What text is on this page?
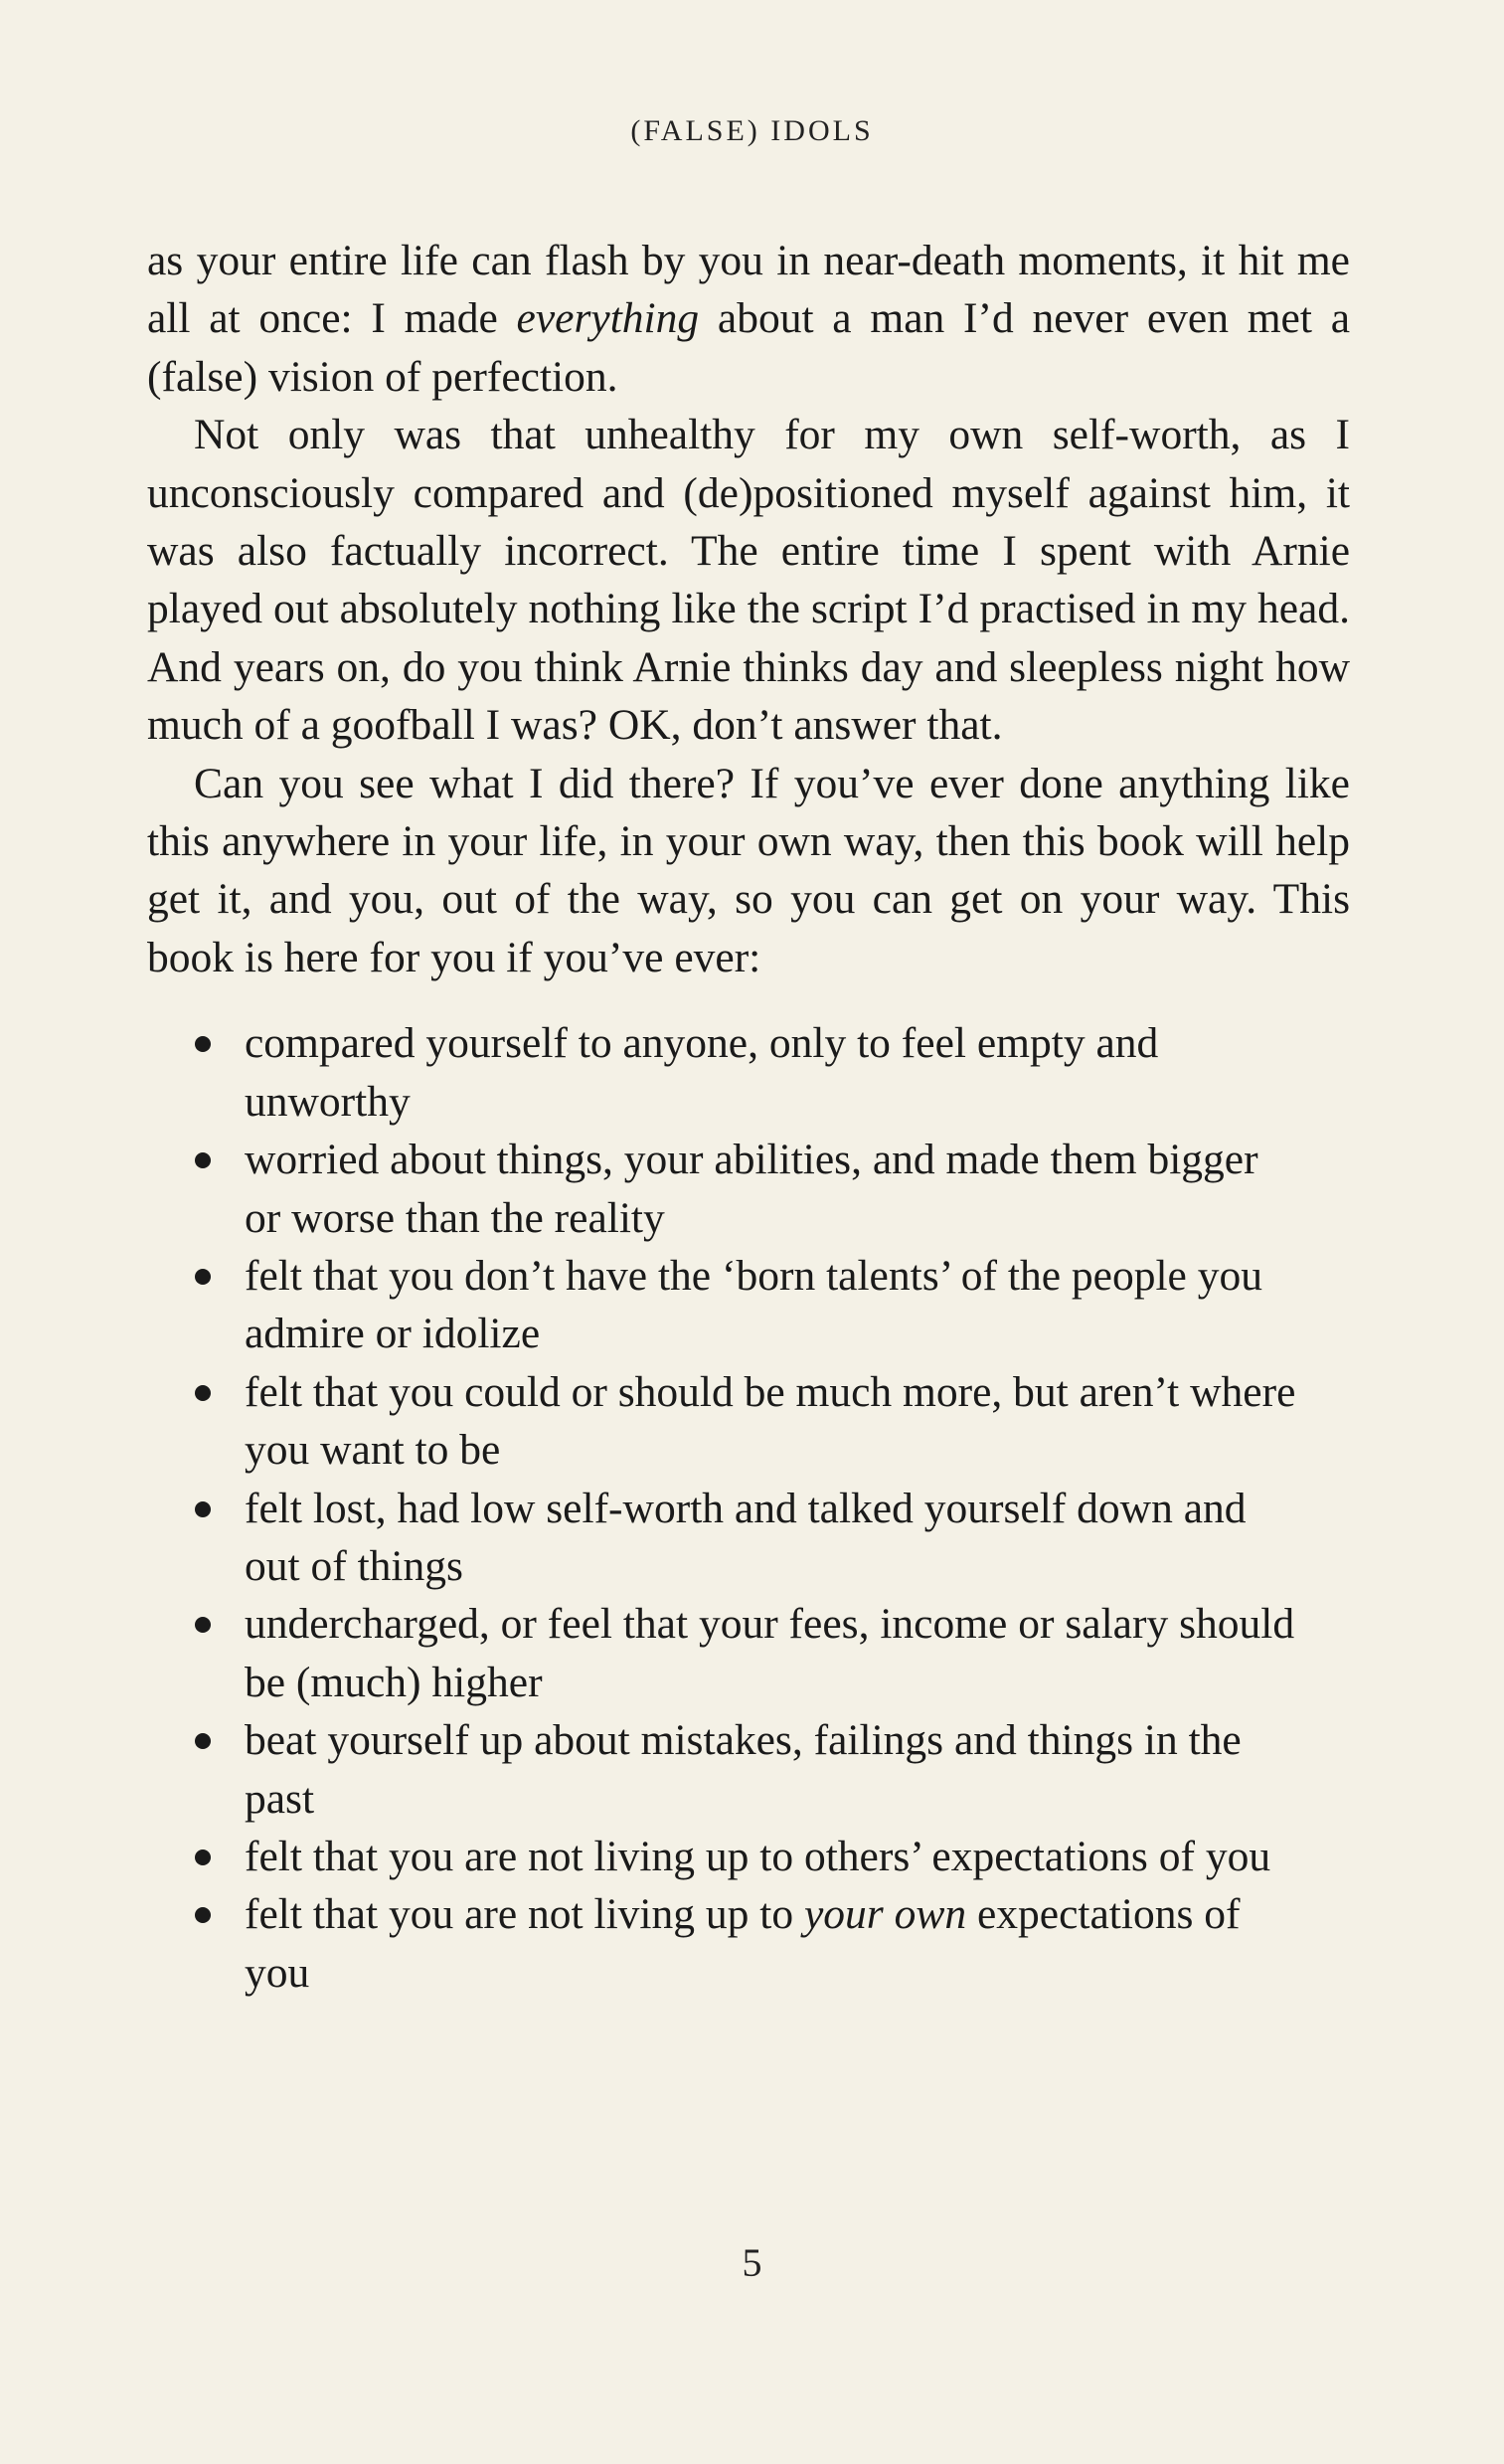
(FALSE) IDOLS

as your entire life can flash by you in near-death moments, it hit me all at once: I made everything about a man I’d never even met a (false) vision of perfection.

Not only was that unhealthy for my own self-worth, as I unconsciously compared and (de)positioned myself against him, it was also factually incorrect. The entire time I spent with Arnie played out absolutely nothing like the script I’d practised in my head. And years on, do you think Arnie thinks day and sleepless night how much of a goofball I was? OK, don’t answer that.

Can you see what I did there? If you’ve ever done anything like this anywhere in your life, in your own way, then this book will help get it, and you, out of the way, so you can get on your way. This book is here for you if you’ve ever:

compared yourself to anyone, only to feel empty and unworthy
worried about things, your abilities, and made them bigger or worse than the reality
felt that you don’t have the ‘born talents’ of the people you admire or idolize
felt that you could or should be much more, but aren’t where you want to be
felt lost, had low self-worth and talked yourself down and out of things
undercharged, or feel that your fees, income or salary should be (much) higher
beat yourself up about mistakes, failings and things in the past
felt that you are not living up to others’ expectations of you
felt that you are not living up to your own expectations of you
5
